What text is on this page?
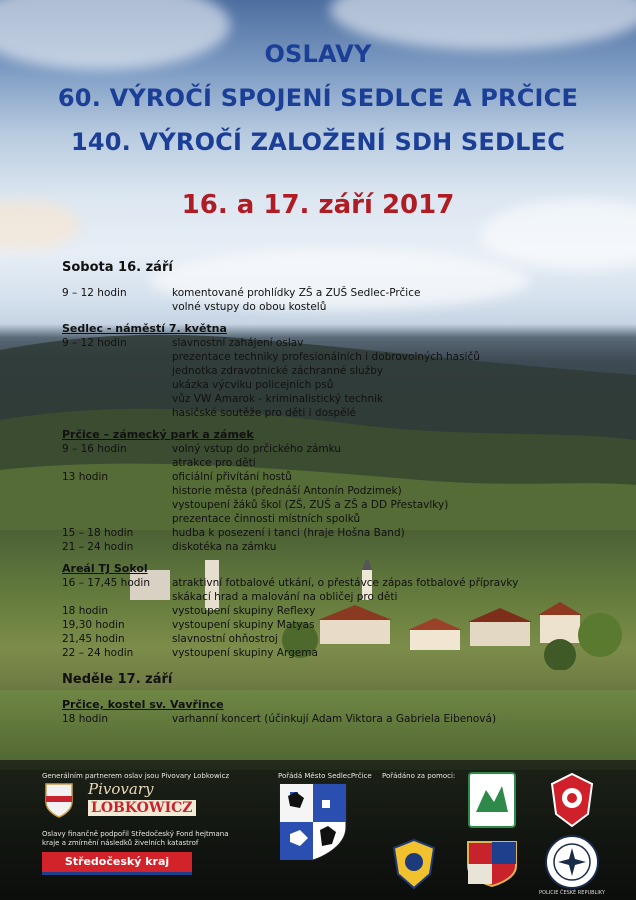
OSLAVY
60. VÝROČÍ SPOJENÍ SEDLCE A PRČICE
140. VÝROČÍ ZALOŽENÍ SDH SEDLEC
16. a 17. září 2017
Sobota 16. září
9 – 12 hodin	komentované prohlídky ZŠ a ZUŠ Sedlec-Prčice
volné vstupy do obou kostelů
Sedlec - náměstí 7. května
9 – 12 hodin	slavnostní zahájení oslav
prezentace techniky profesionálních i dobrovolných hasičů
jednotka zdravotnické záchranné služby
ukázka výcviku policejních psů
vůz VW Amarok - kriminalistický technik
hasičské soutěže pro děti i dospělé
Prčice – zámecký park a zámek
9 – 16 hodin	volný vstup do prčického zámku
atrakce pro děti
13 hodin	oficiální přivítání hostů
historie města (přednáší Antonín Podzimek)
vystoupení žáků škol (ZŠ, ZUŠ a ZŠ a DD Přestavlky)
prezentace činnosti místních spolků
15 – 18 hodin	hudba k posezení i tanci (hraje Hošna Band)
21 – 24 hodin	diskotéka na zámku
Areál TJ Sokol
16 – 17,45 hodin	atraktivní fotbalové utkání, o přestávce zápas fotbalové přípravky
skákací hrad a malování na obličej pro děti
18 hodin	vystoupení skupiny Reflexy
19,30 hodin	vystoupení skupiny Matyas
21,45 hodin	slavnostní ohňostroj
22 – 24 hodin	vystoupení skupiny Argema
Neděle 17. září
Prčice, kostel sv. Vavřince
18 hodin	varhanní koncert (účinkují Adam Viktora a Gabriela Eibenová)
Generálním partnerem oslav jsou Pivovary Lobkowicz
Pivovary
LOBKOWICZ
Oslavy finančně podpořil Středočeský Fond hejtmana kraje a zmírnění následků živelních katastrof
Středočeský kraj
Pořádá Město SedlecPrčice	Pořádáno za pomoci:
POLICIE ČESKÉ REPUBLIKY
